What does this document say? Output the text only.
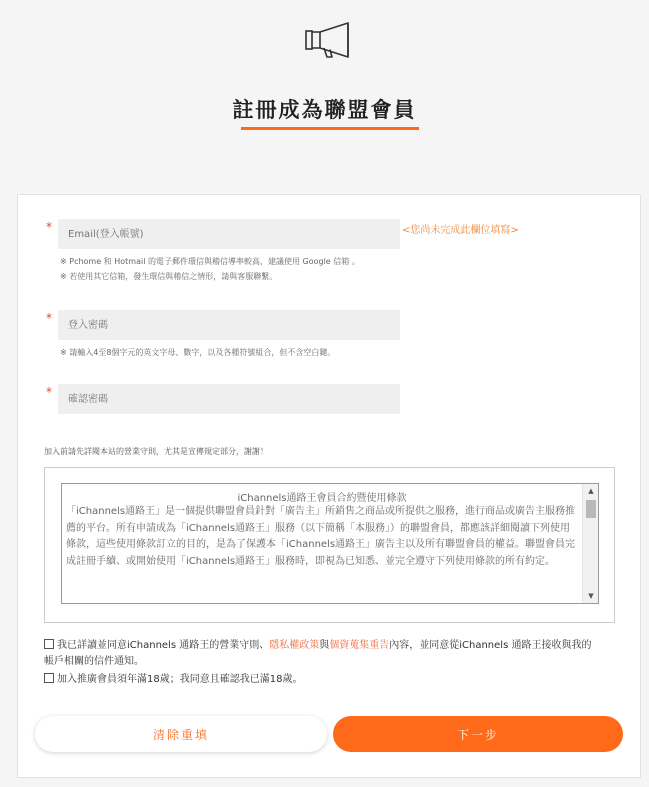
註冊成為聯盟會員
*
Email(登入帳號)	<您尚未完成此欄位填寫>
※ Pchome 和 Hotmail 的電子郵件環信與稽信導率較高，建議使用 Google 信箱 。
※ 若使用其它信箱，發生環信與稽信之情形，請與客服聯繫。
*
※ 請輸入4至8個字元的英文字母、數字，以及各種符號組合，但不含空白鍵。
*
加入前請先詳閱本站的營業守則，尤其是宣傳規定部分，謝謝！
iChannels通路王會員合約暨使用條款
「iChannels通路王」是一個提供聯盟會員針對「廣告主」所銷售之商品或所提供之服務，進行商品或廣告主服務推薦的平台。所有申請成為「iChannels通路王」服務（以下簡稱「本服務」）的聯盟會員，都應該詳細閱讀下列使用條款，這些使用條款訂立的目的，是為了保護本「iChannels通路王」廣告主以及所有聯盟會員的權益。聯盟會員完成註冊手續、或開始使用「iChannels通路王」服務時，即視為已知悉、並完全遵守下列使用條款的所有約定。
▲
▼
我已詳讀並同意iChannels 通路王的營業守則、隱私權政策與個資蒐集重告內容，並同意從iChannels 通路王接收與我的
帳戶相關的信件通知。
加入推廣會員須年滿18歲；我同意且確認我已滿18歲。
清除重填	下一步
